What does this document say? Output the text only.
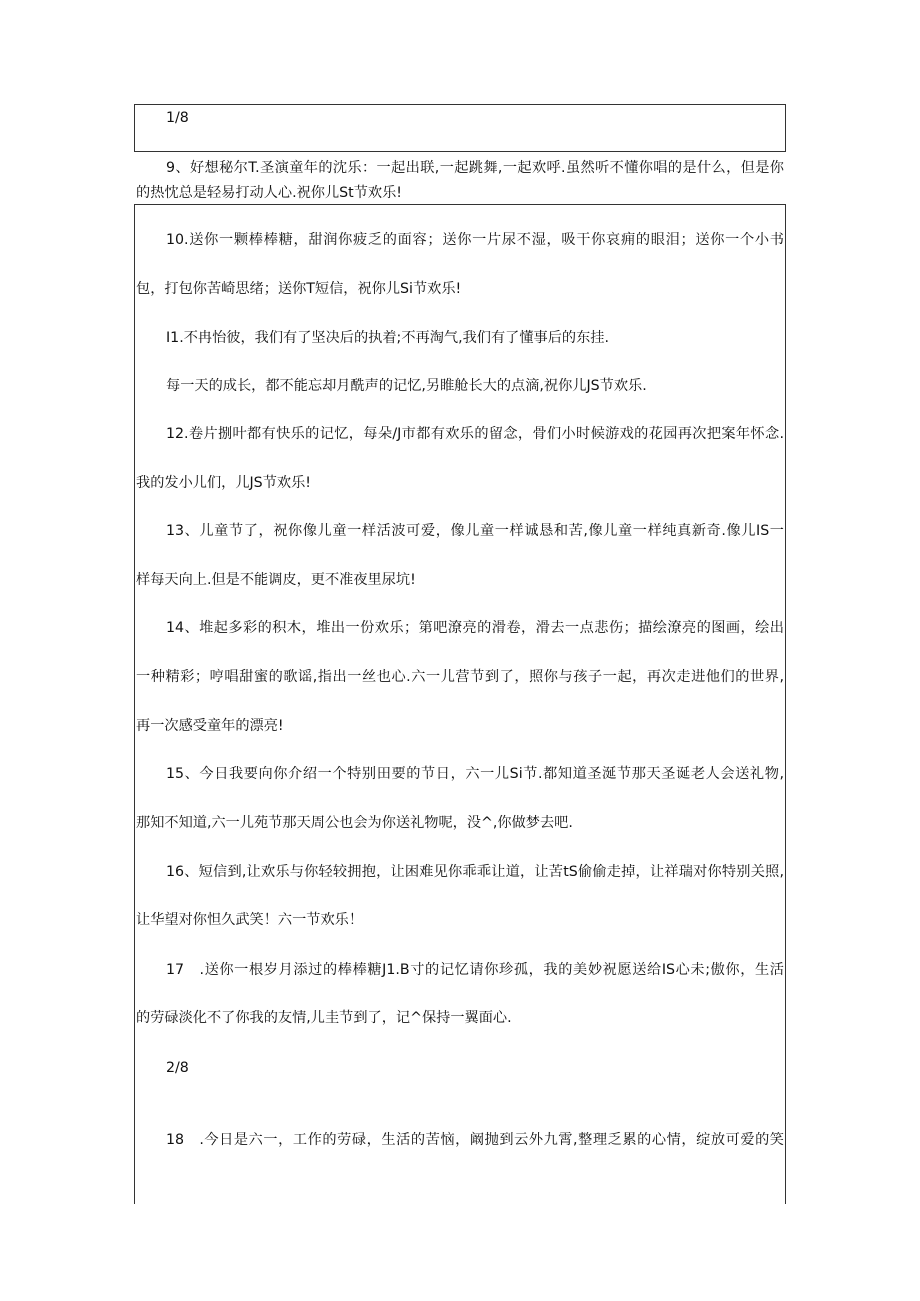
1/8
9、好想秘尔T.圣演童年的沈乐：一起出联,一起跳舞,一起欢呼.虽然听不懂你唱的是什么，但是你
的热忱总是轻易打动人心.祝你儿St节欢乐!
10.送你一颗棒棒糖，甜润你疲乏的面容；送你一片尿不湿，吸干你哀痈的眼泪；送你一个小书
包，打包你苦崎思绪；送你T短信，祝你儿Si节欢乐!
I1.不冉怡彼，我们有了坚决后的执着;不再淘气,我们有了懂事后的东挂.
每一天的成长，都不能忘却月酰声的记忆,另睢舱长大的点滴,祝你儿JS节欢乐.
12.卷片捌叶都有快乐的记忆，每朵/J市都有欢乐的留念，骨们小时候游戏的花园再次把案年怀念.
我的发小儿们，儿JS节欢乐!
13、儿童节了，祝你像儿童一样活波可爱，像儿童一样诚恳和苦,像儿童一样纯真新奇.像儿IS一
样每天向上.但是不能调皮，更不准夜里尿坑!
14、堆起多彩的积木，堆出一份欢乐；第吧潦亮的滑卷，滑去一点悲伤；描绘潦亮的图画，绘出
一种精彩；哼唱甜蜜的歌谣,指出一丝也心.六一儿营节到了，照你与孩子一起，再次走进他们的世界,
再一次感受童年的漂亮!
15、今日我要向你介绍一个特别田要的节日，六一儿Si节.都知道圣涎节那天圣诞老人会送礼物,
那知不知道,六一儿苑节那天周公也会为你送礼物呢，没^,你做梦去吧.
16、短信到,让欢乐与你轻较拥抱，让困难见你乖乖让道，让苦tS偷偷走掉，让祥瑞对你特别关照,
让华望对你怛久武笑！六一节欢乐！
17　.送你一根岁月添过的棒棒糖J1.B寸的记忆请你珍孤，我的美妙祝愿送给IS心未;傲你，生活
的劳碌淡化不了你我的友情,儿圭节到了，记^保持一翼面心.
2/8
18　.今日是六一，工作的劳碌，生活的苦恼，阚抛到云外九霄,整理乏累的心情，绽放可爱的笑
